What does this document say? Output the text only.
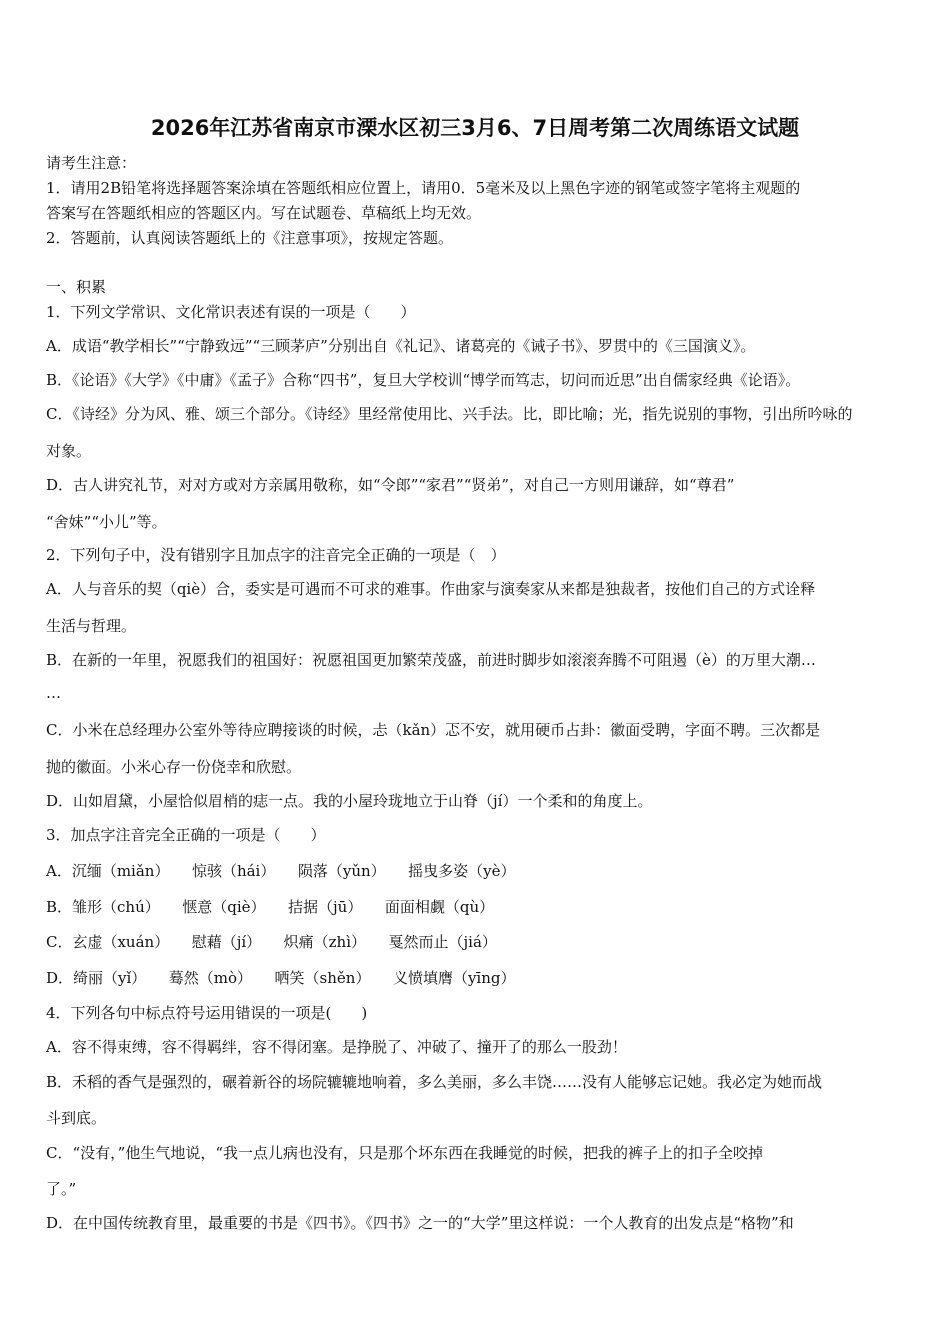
2026年江苏省南京市溧水区初三3月6、7日周考第二次周练语文试题
请考生注意：
1．请用2B铅笔将选择题答案涂填在答题纸相应位置上，请用0．5毫米及以上黑色字迹的钢笔或签字笔将主观题的
答案写在答题纸相应的答题区内。写在试题卷、草稿纸上均无效。
2．答题前，认真阅读答题纸上的《注意事项》，按规定答题。
一、积累
1．下列文学常识、文化常识表述有误的一项是（　　）
A．成语“教学相长”“宁静致远”“三顾茅庐”分别出自《礼记》、诸葛亮的《诫子书》、罗贯中的《三国演义》。
B．《论语》《大学》《中庸》《孟子》合称“四书”，复旦大学校训“博学而笃志，切问而近思”出自儒家经典《论语》。
C．《诗经》分为风、雅、颂三个部分。《诗经》里经常使用比、兴手法。比，即比喻；光，指先说别的事物，引出所吟咏的
对象。
D．古人讲究礼节，对对方或对方亲属用敬称，如“令郎”“家君”“贤弟”，对自己一方则用谦辞，如“尊君”
“舍妹”“小儿”等。
2．下列句子中，没有错别字且加点字的注音完全正确的一项是（　）
A．人与音乐的契（qiè）合，委实是可遇而不可求的难事。作曲家与演奏家从来都是独裁者，按他们自己的方式诠释
生活与哲理。
B．在新的一年里，祝愿我们的祖国好：祝愿祖国更加繁荣茂盛，前进时脚步如滚滚奔腾不可阻遏（è）的万里大潮…
…
C．小米在总经理办公室外等待应聘接谈的时候，忐（kǎn）忑不安，就用硬币占卦：徽面受聘，字面不聘。三次都是
抛的徽面。小米心存一份侥幸和欣慰。
D．山如眉黛，小屋恰似眉梢的痣一点。我的小屋玲珑地立于山脊（jí）一个柔和的角度上。
3．加点字注音完全正确的一项是（　　）
A．沉缅（miǎn）　　惊骇（hái）　　陨落（yǔn）　　摇曳多姿（yè）
B．雏形（chú）　　惬意（qiè）　　拮据（jū）　　面面相觑（qù）
C．玄虚（xuán）　　慰藉（jí）　　炽痛（zhì）　　戛然而止（jiá）
D．绮丽（yǐ）　　蓦然（mò）　　哂笑（shěn）　　义愤填膺（yīng）
4．下列各句中标点符号运用错误的一项是(　　)
A．容不得束缚，容不得羁绊，容不得闭塞。是挣脱了、冲破了、撞开了的那么一股劲！
B．禾稻的香气是强烈的，碾着新谷的场院辘辘地响着，多么美丽，多么丰饶……没有人能够忘记她。我必定为她而战
斗到底。
C．“没有，”他生气地说，“我一点儿病也没有，只是那个坏东西在我睡觉的时候，把我的裤子上的扣子全咬掉
了。”
D．在中国传统教育里，最重要的书是《四书》。《四书》之一的“大学”里这样说：一个人教育的出发点是“格物”和
